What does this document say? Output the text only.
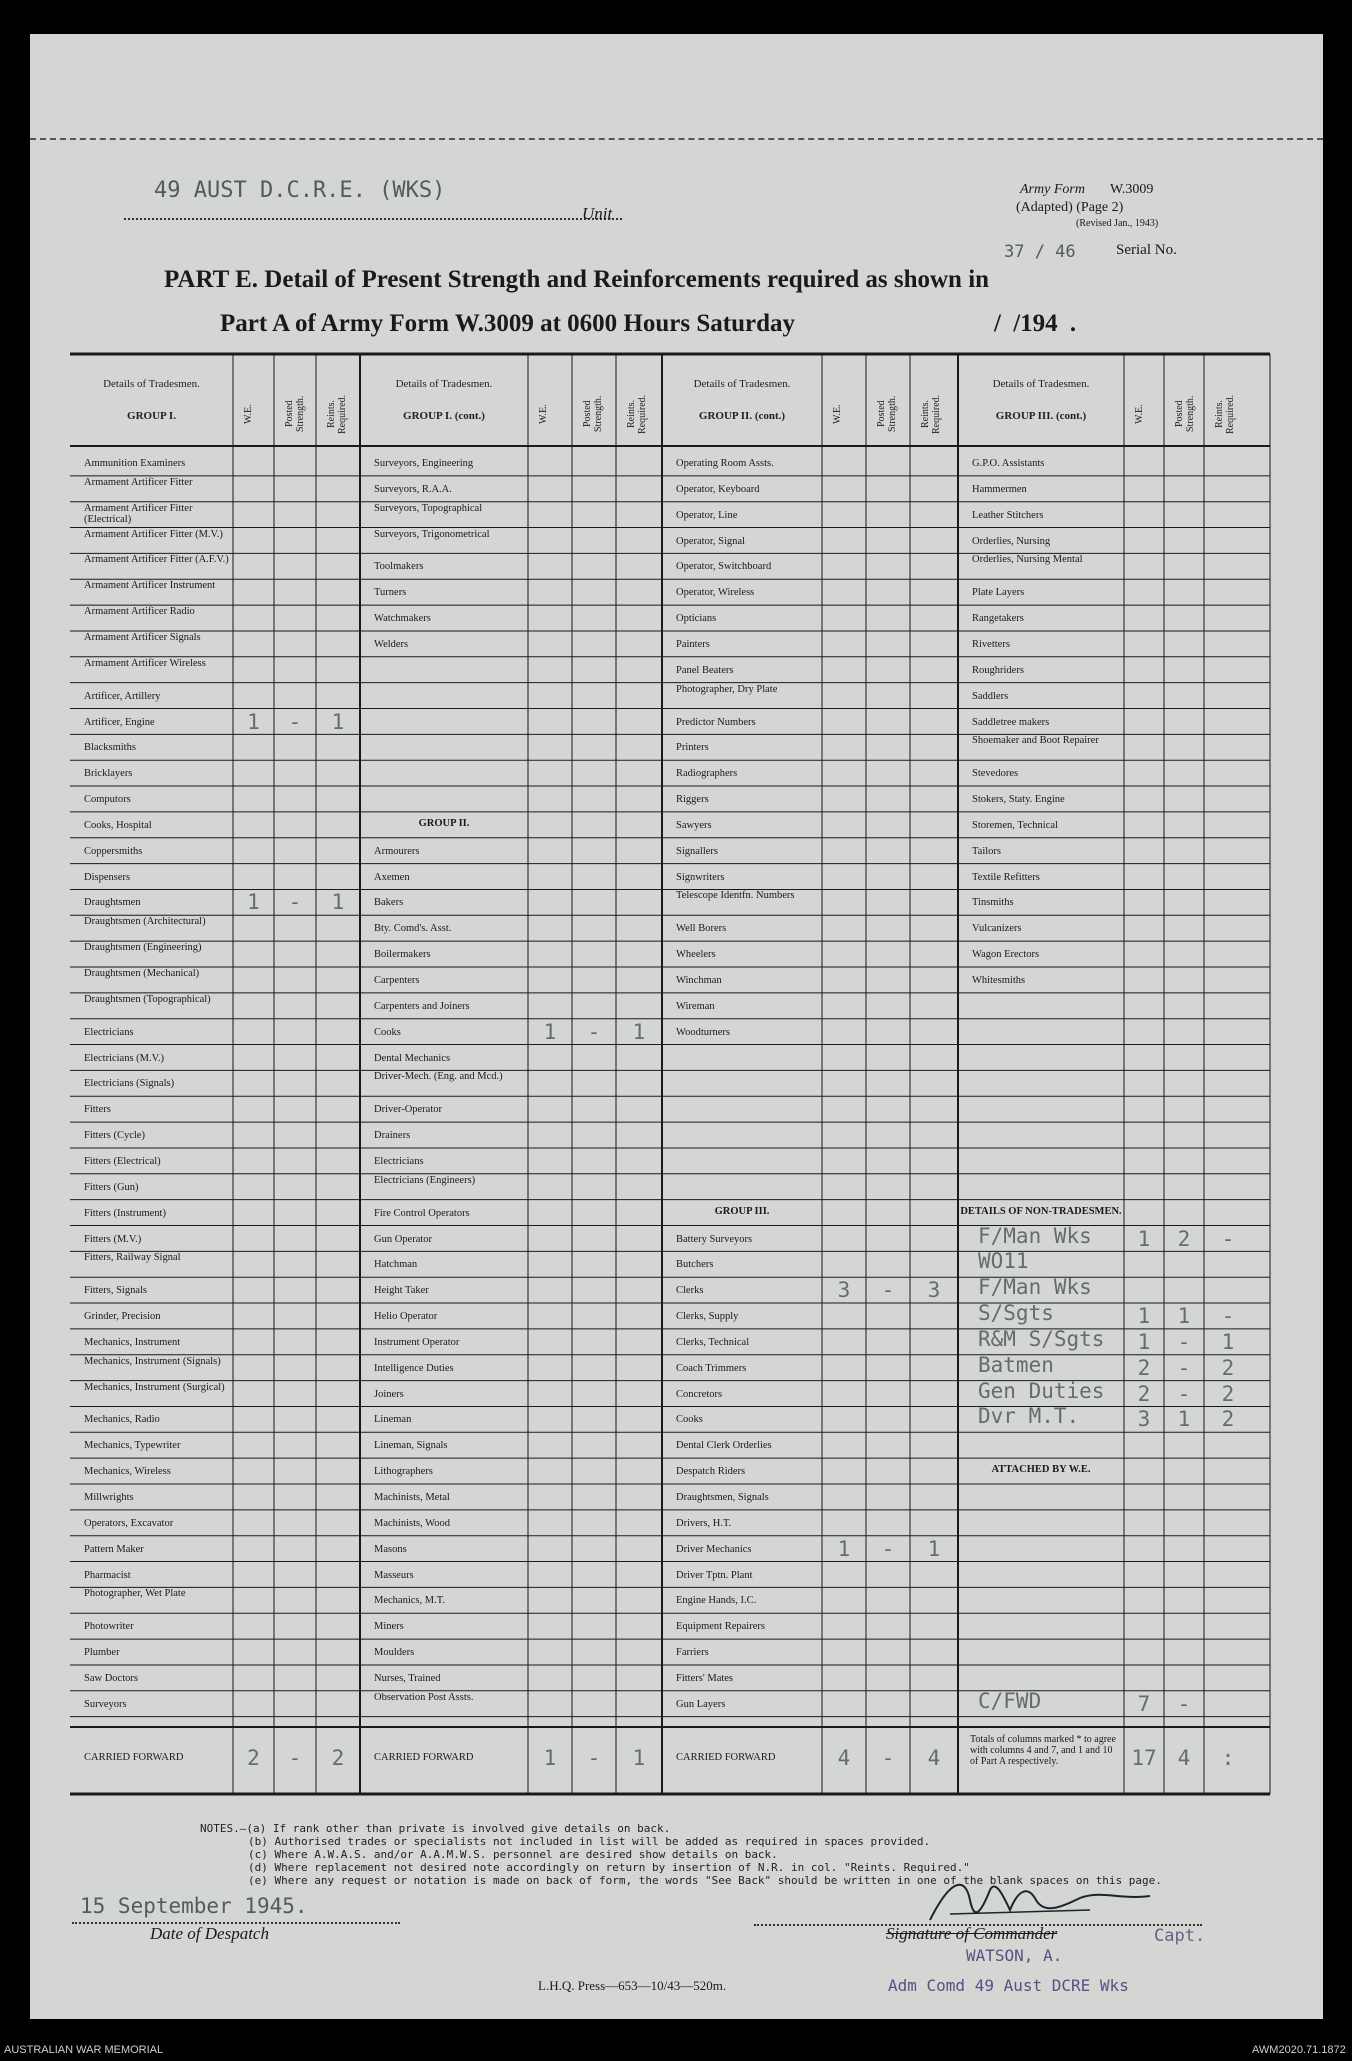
49 AUST D.C.R.E. (WKS)
Unit
Army Form W.3009
(Adapted) (Page 2)
(Revised Jan., 1943)
37 / 46	Serial No.
PART E. Detail of Present Strength and Reinforcements required as shown in
Part A of Army Form W.3009 at 0600 Hours Saturday	/ /194 .
Details of Tradesmen.
GROUP I.	W.E.	Posted Strength. Reints. Required.
Ammunition Examiners
Armament Artificer Fitter
Armament Artificer Fitter (Electrical)
Armament Artificer Fitter (M.V.)
Armament Artificer Fitter (A.F.V.)
Armament Artificer Instrument
Armament Artificer Radio
Armament Artificer Signals
Armament Artificer Wireless
Artificer, Artillery
Artificer, Engine	1	-	1
Blacksmiths
Bricklayers
Computors
Cooks, Hospital
Coppersmiths
Dispensers
Draughtsmen	1	-	1
Draughtsmen (Architectural)
Draughtsmen (Engineering)
Draughtsmen (Mechanical)
Draughtsmen (Topographical)
Electricians
Electricians (M.V.)
Electricians (Signals)
Fitters
Fitters (Cycle)
Fitters (Electrical)
Fitters (Gun)
Fitters (Instrument)
Fitters (M.V.)
Fitters, Railway Signal
Fitters, Signals
Grinder, Precision
Mechanics, Instrument
Mechanics, Instrument (Signals)
Mechanics, Instrument (Surgical)
Mechanics, Radio
Mechanics, Typewriter
Mechanics, Wireless
Millwrights
Operators, Excavator
Pattern Maker
Pharmacist
Photographer, Wet Plate
Photowriter
Plumber
Saw Doctors
Surveyors
CARRIED FORWARD	2	-	2
Details of Tradesmen.
GROUP I. (cont.)	W.E.	Posted Strength. Reints. Required.
Surveyors, Engineering
Surveyors, R.A.A.
Surveyors, Topographical
Surveyors, Trigonometrical
Toolmakers
Turners
Watchmakers
Welders
GROUP II.
Armourers
Axemen
Bakers
Bty. Comd's. Asst.
Boilermakers
Carpenters
Carpenters and Joiners
Cooks	1	-	1
Dental Mechanics
Driver-Mech. (Eng. and Mcd.)
Driver-Operator
Drainers
Electricians
Electricians (Engineers)
Fire Control Operators
Gun Operator
Hatchman
Height Taker
Helio Operator
Instrument Operator
Intelligence Duties
Joiners
Lineman
Lineman, Signals
Lithographers
Machinists, Metal
Machinists, Wood
Masons
Masseurs
Mechanics, M.T.
Miners
Moulders
Nurses, Trained
Observation Post Assts.
CARRIED FORWARD	1	-	1
Details of Tradesmen.
GROUP II. (cont.)	W.E.	Posted Strength. Reints. Required.
Operating Room Assts.
Operator, Keyboard
Operator, Line
Operator, Signal
Operator, Switchboard
Operator, Wireless
Opticians
Painters
Panel Beaters
Photographer, Dry Plate
Predictor Numbers
Printers
Radiographers
Riggers
Sawyers
Signallers
Signwriters
Telescope Identfn. Numbers
Well Borers
Wheelers
Winchman
Wireman
Woodturners
GROUP III.
Battery Surveyors
Butchers
Clerks	3	-	3
Clerks, Supply
Clerks, Technical
Coach Trimmers
Concretors
Cooks
Dental Clerk Orderlies
Despatch Riders
Draughtsmen, Signals
Drivers, H.T.
Driver Mechanics	1	-	1
Driver Tptn. Plant
Engine Hands, I.C.
Equipment Repairers
Farriers
Fitters' Mates
Gun Layers
CARRIED FORWARD	4	-	4
Details of Tradesmen.
GROUP III. (cont.)	W.E.	Posted Strength. Reints. Required.
G.P.O. Assistants
Hammermen
Leather Stitchers
Orderlies, Nursing
Orderlies, Nursing Mental
Plate Layers
Rangetakers
Rivetters
Roughriders
Saddlers
Saddletree makers
Shoemaker and Boot Repairer
Stevedores
Stokers, Staty. Engine
Storemen, Technical
Tailors
Textile Refitters
Tinsmiths
Vulcanizers
Wagon Erectors
Whitesmiths
DETAILS OF NON-TRADESMEN.
F/Man Wks	1	2	-
WO11
F/Man Wks
S/Sgts	1	1	-
R&M S/Sgts	1	-	1
Batmen	2	-	2
Gen Duties	2	-	2
Dvr M.T.	3	1	2
ATTACHED BY W.E.
C/FWD	7	-
Totals of columns marked * to agree with columns 4 and 7, and 1 and 10 of Part A respectively.	17	4	:
NOTES.—(a) If rank other than private is involved give details on back.
(b) Authorised trades or specialists not included in list will be added as required in spaces provided.
(c) Where A.W.A.S. and/or A.A.M.W.S. personnel are desired show details on back.
(d) Where replacement not desired note accordingly on return by insertion of N.R. in col. "Reints. Required."
(e) Where any request or notation is made on back of form, the words "See Back" should be written in one of the blank spaces on this page.
15 September 1945.
Date of Despatch	Signature of Commander	Capt.
WATSON, A.
Adm Comd 49 Aust DCRE Wks
L.H.Q. Press—653—10/43—520m.
AUSTRALIAN WAR MEMORIAL	AWM2020.71.1872
